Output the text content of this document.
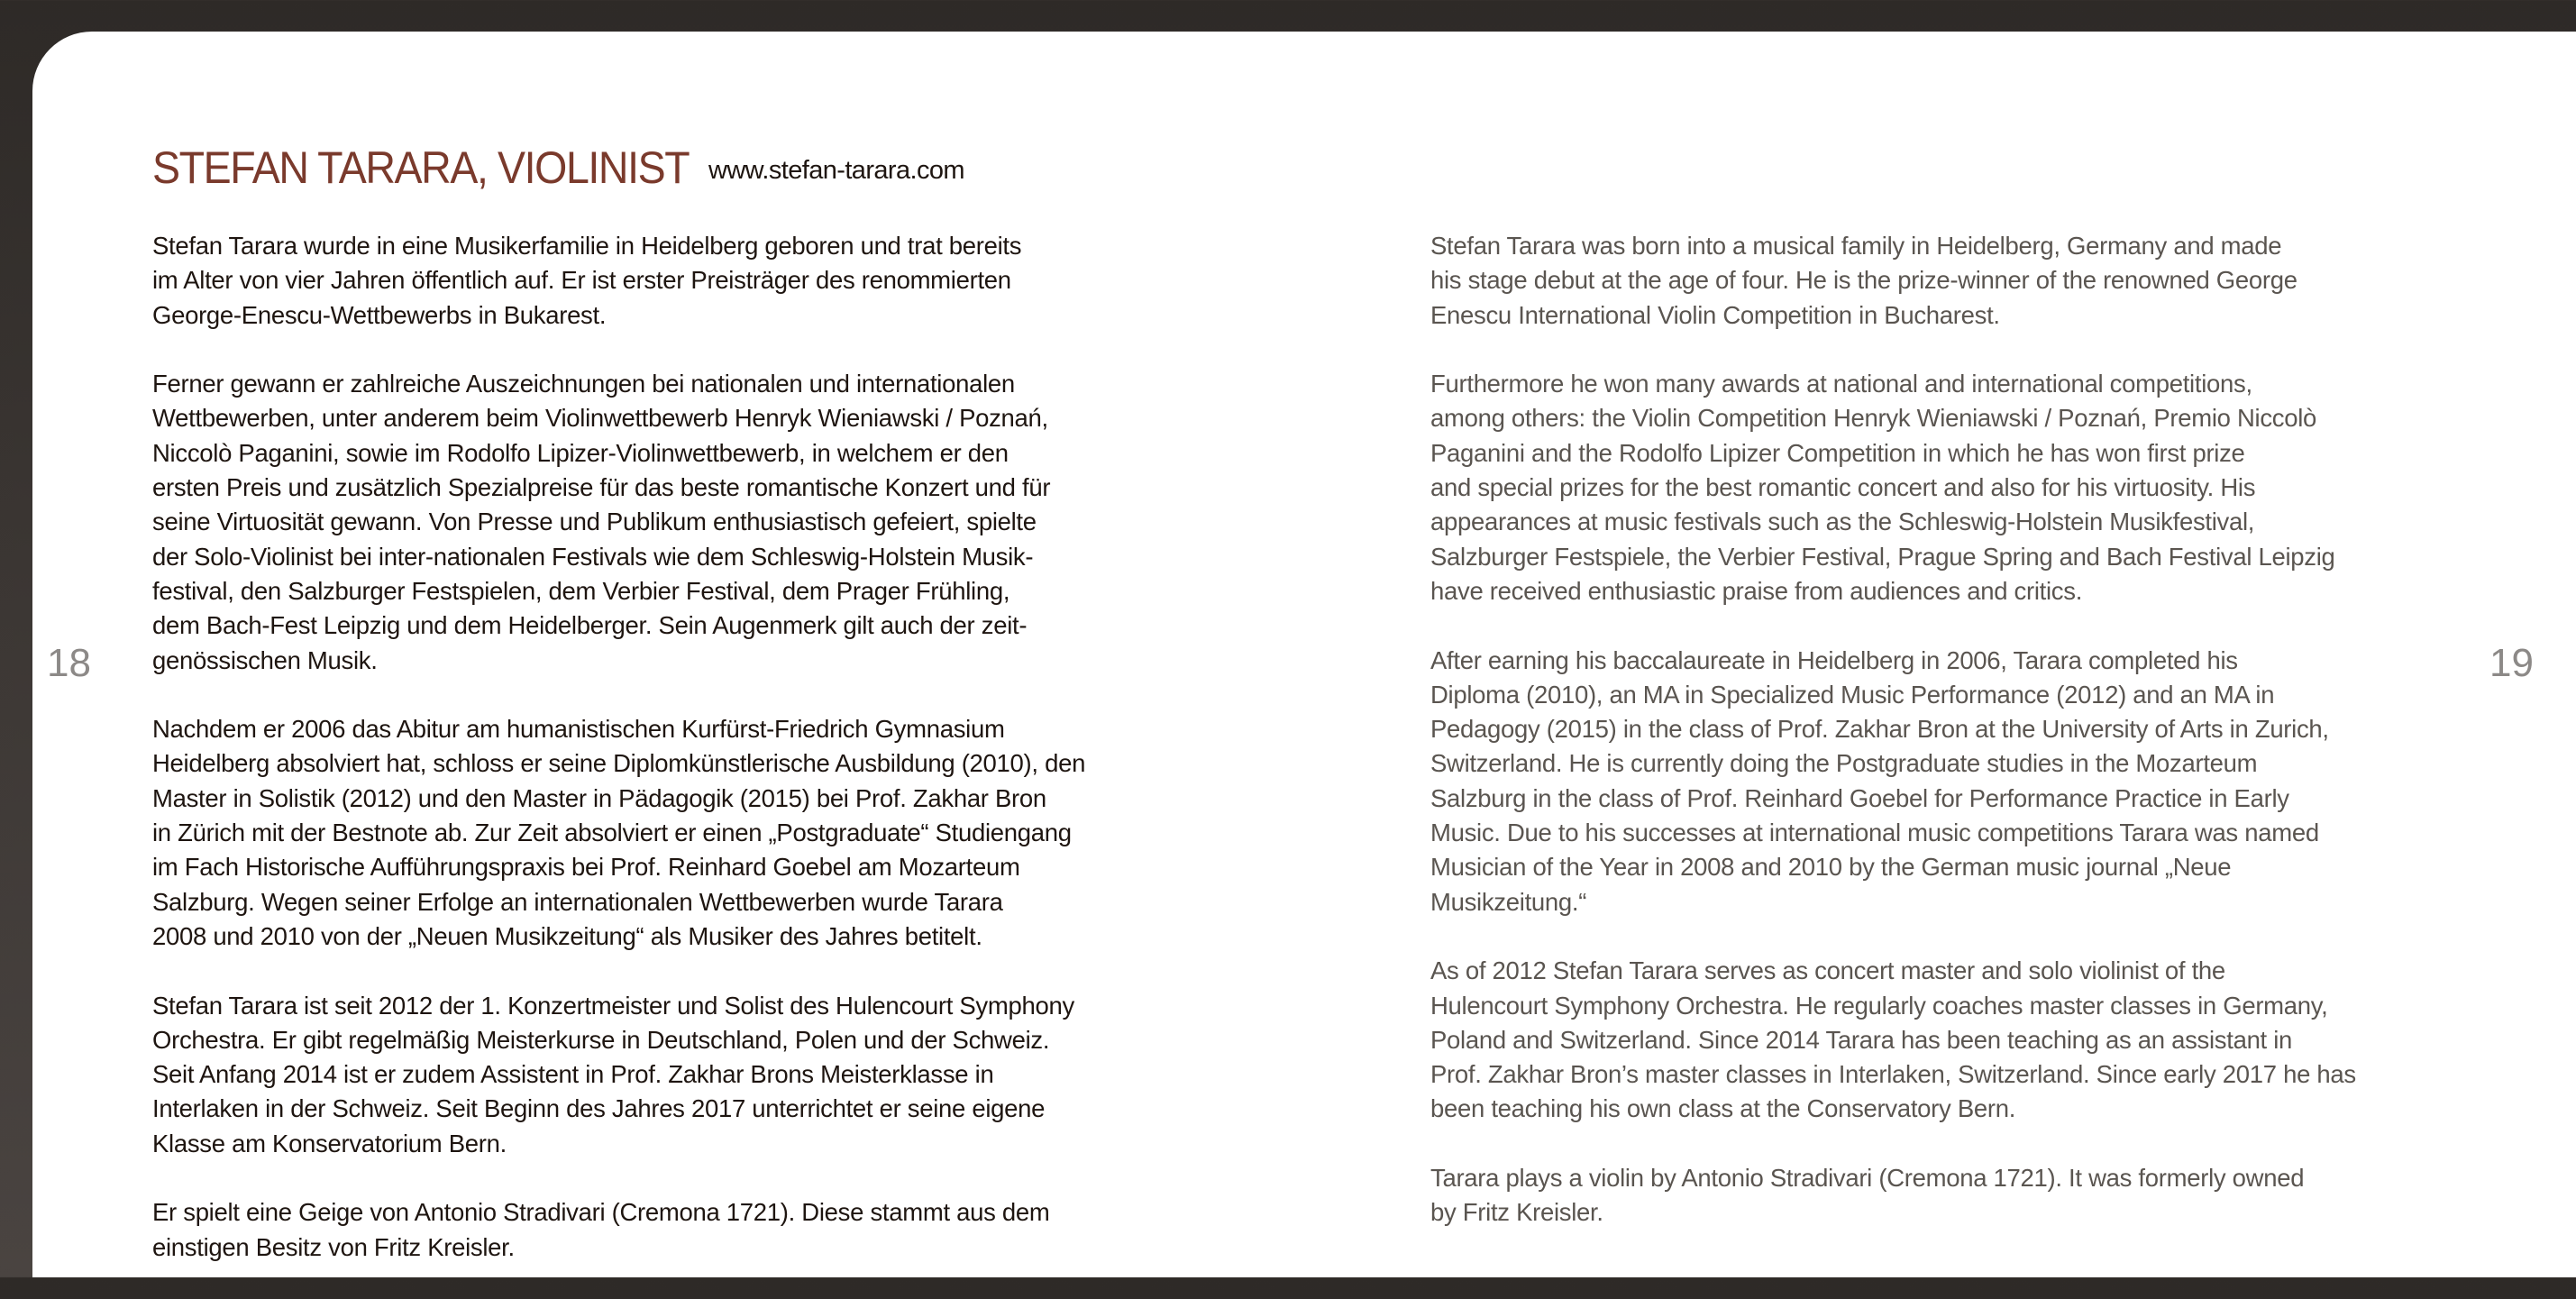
STEFAN TARARA, VIOLINIST www.stefan-tarara.com
Stefan Tarara wurde in eine Musikerfamilie in Heidelberg geboren und trat bereits
im Alter von vier Jahren öffentlich auf. Er ist erster Preisträger des renommierten
George-Enescu-Wettbewerbs in Bukarest.
Ferner gewann er zahlreiche Auszeichnungen bei nationalen und internationalen
Wettbewerben, unter anderem beim Violinwettbewerb Henryk Wieniawski / Poznań,
Niccolò Paganini, sowie im Rodolfo Lipizer-Violinwettbewerb, in welchem er den
ersten Preis und zusätzlich Spezialpreise für das beste romantische Konzert und für
seine Virtuosität gewann. Von Presse und Publikum enthusiastisch gefeiert, spielte
der Solo-Violinist bei inter-nationalen Festivals wie dem Schleswig-Holstein Musik-
festival, den Salzburger Festspielen, dem Verbier Festival, dem Prager Frühling,
dem Bach-Fest Leipzig und dem Heidelberger. Sein Augenmerk gilt auch der zeit-
genössischen Musik.
Nachdem er 2006 das Abitur am humanistischen Kurfürst-Friedrich Gymnasium
Heidelberg absolviert hat, schloss er seine Diplomkünstlerische Ausbildung (2010), den
Master in Solistik (2012) und den Master in Pädagogik (2015) bei Prof. Zakhar Bron
in Zürich mit der Bestnote ab. Zur Zeit absolviert er einen „Postgraduate“ Studiengang
im Fach Historische Aufführungspraxis bei Prof. Reinhard Goebel am Mozarteum
Salzburg. Wegen seiner Erfolge an internationalen Wettbewerben wurde Tarara
2008 und 2010 von der „Neuen Musikzeitung“ als Musiker des Jahres betitelt.
Stefan Tarara ist seit 2012 der 1. Konzertmeister und Solist des Hulencourt Symphony
Orchestra. Er gibt regelmäßig Meisterkurse in Deutschland, Polen und der Schweiz.
Seit Anfang 2014 ist er zudem Assistent in Prof. Zakhar Brons Meisterklasse in
Interlaken in der Schweiz. Seit Beginn des Jahres 2017 unterrichtet er seine eigene
Klasse am Konservatorium Bern.
Er spielt eine Geige von Antonio Stradivari (Cremona 1721). Diese stammt aus dem
einstigen Besitz von Fritz Kreisler.
Stefan Tarara was born into a musical family in Heidelberg, Germany and made
his stage debut at the age of four. He is the prize-winner of the renowned George
Enescu International Violin Competition in Bucharest.
Furthermore he won many awards at national and international competitions,
among others: the Violin Competition Henryk Wieniawski / Poznań, Premio Niccolò
Paganini and the Rodolfo Lipizer Competition in which he has won first prize
and special prizes for the best romantic concert and also for his virtuosity. His
appearances at music festivals such as the Schleswig-Holstein Musikfestival,
Salzburger Festspiele, the Verbier Festival, Prague Spring and Bach Festival Leipzig
have received enthusiastic praise from audiences and critics.
After earning his baccalaureate in Heidelberg in 2006, Tarara completed his
Diploma (2010), an MA in Specialized Music Performance (2012) and an MA in
Pedagogy (2015) in the class of Prof. Zakhar Bron at the University of Arts in Zurich,
Switzerland. He is currently doing the Postgraduate studies in the Mozarteum
Salzburg in the class of Prof. Reinhard Goebel for Performance Practice in Early
Music. Due to his successes at international music competitions Tarara was named
Musician of the Year in 2008 and 2010 by the German music journal „Neue
Musikzeitung.“
As of 2012 Stefan Tarara serves as concert master and solo violinist of the
Hulencourt Symphony Orchestra. He regularly coaches master classes in Germany,
Poland and Switzerland. Since 2014 Tarara has been teaching as an assistant in
Prof. Zakhar Bron’s master classes in Interlaken, Switzerland. Since early 2017 he has
been teaching his own class at the Conservatory Bern.
Tarara plays a violin by Antonio Stradivari (Cremona 1721). It was formerly owned
by Fritz Kreisler.
18	19
